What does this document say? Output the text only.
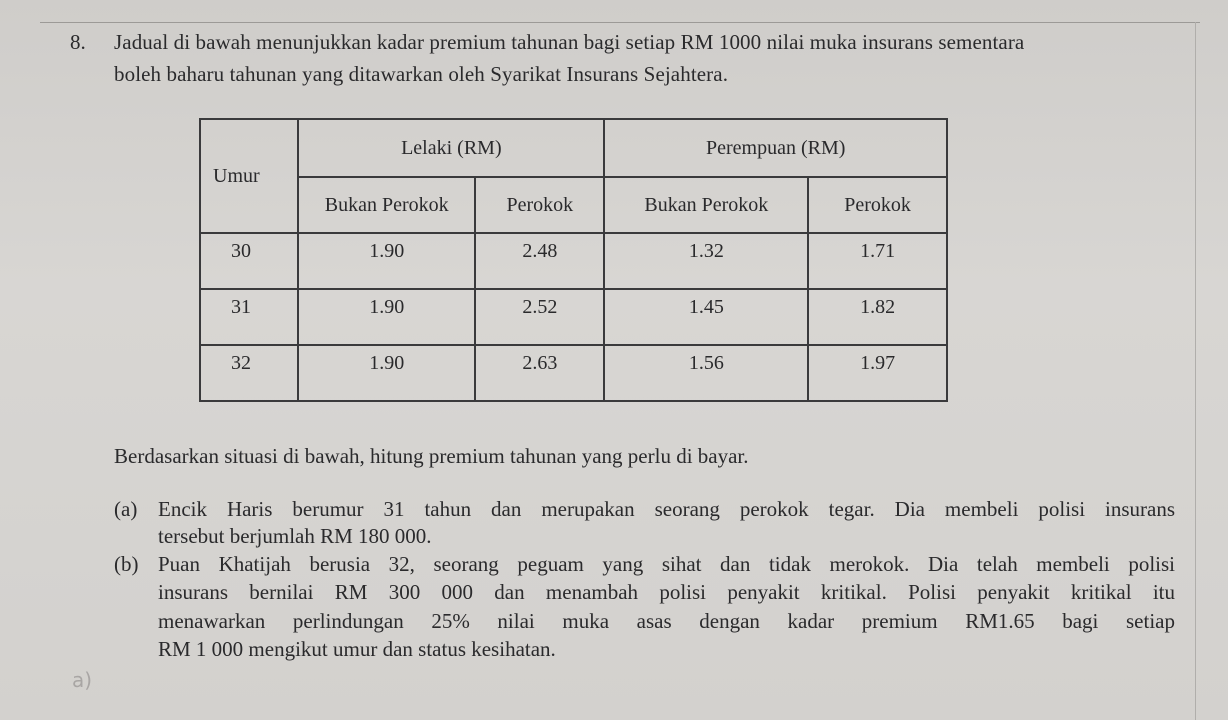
8. Jadual di bawah menunjukkan kadar premium tahunan bagi setiap RM 1000 nilai muka insurans sementara
boleh baharu tahunan yang ditawarkan oleh Syarikat Insurans Sejahtera.
Umur	Lelaki (RM)		Perempuan (RM)	
	Bukan Perokok	Perokok	Bukan Perokok	Perokok
30	1.90	2.48	1.32	1.71
31	1.90	2.52	1.45	1.82
32	1.90	2.63	1.56	1.97
Berdasarkan situasi di bawah, hitung premium tahunan yang perlu di bayar.
(a) Encik Haris berumur 31 tahun dan merupakan seorang perokok tegar. Dia membeli polisi insurans
tersebut berjumlah RM 180 000.
(b) Puan Khatijah berusia 32, seorang peguam yang sihat dan tidak merokok. Dia telah membeli polisi
insurans bernilai RM 300 000 dan menambah polisi penyakit kritikal. Polisi penyakit kritikal itu
menawarkan perlindungan 25% nilai muka asas dengan kadar premium RM1.65 bagi setiap
RM 1 000 mengikut umur dan status kesihatan.
a)
